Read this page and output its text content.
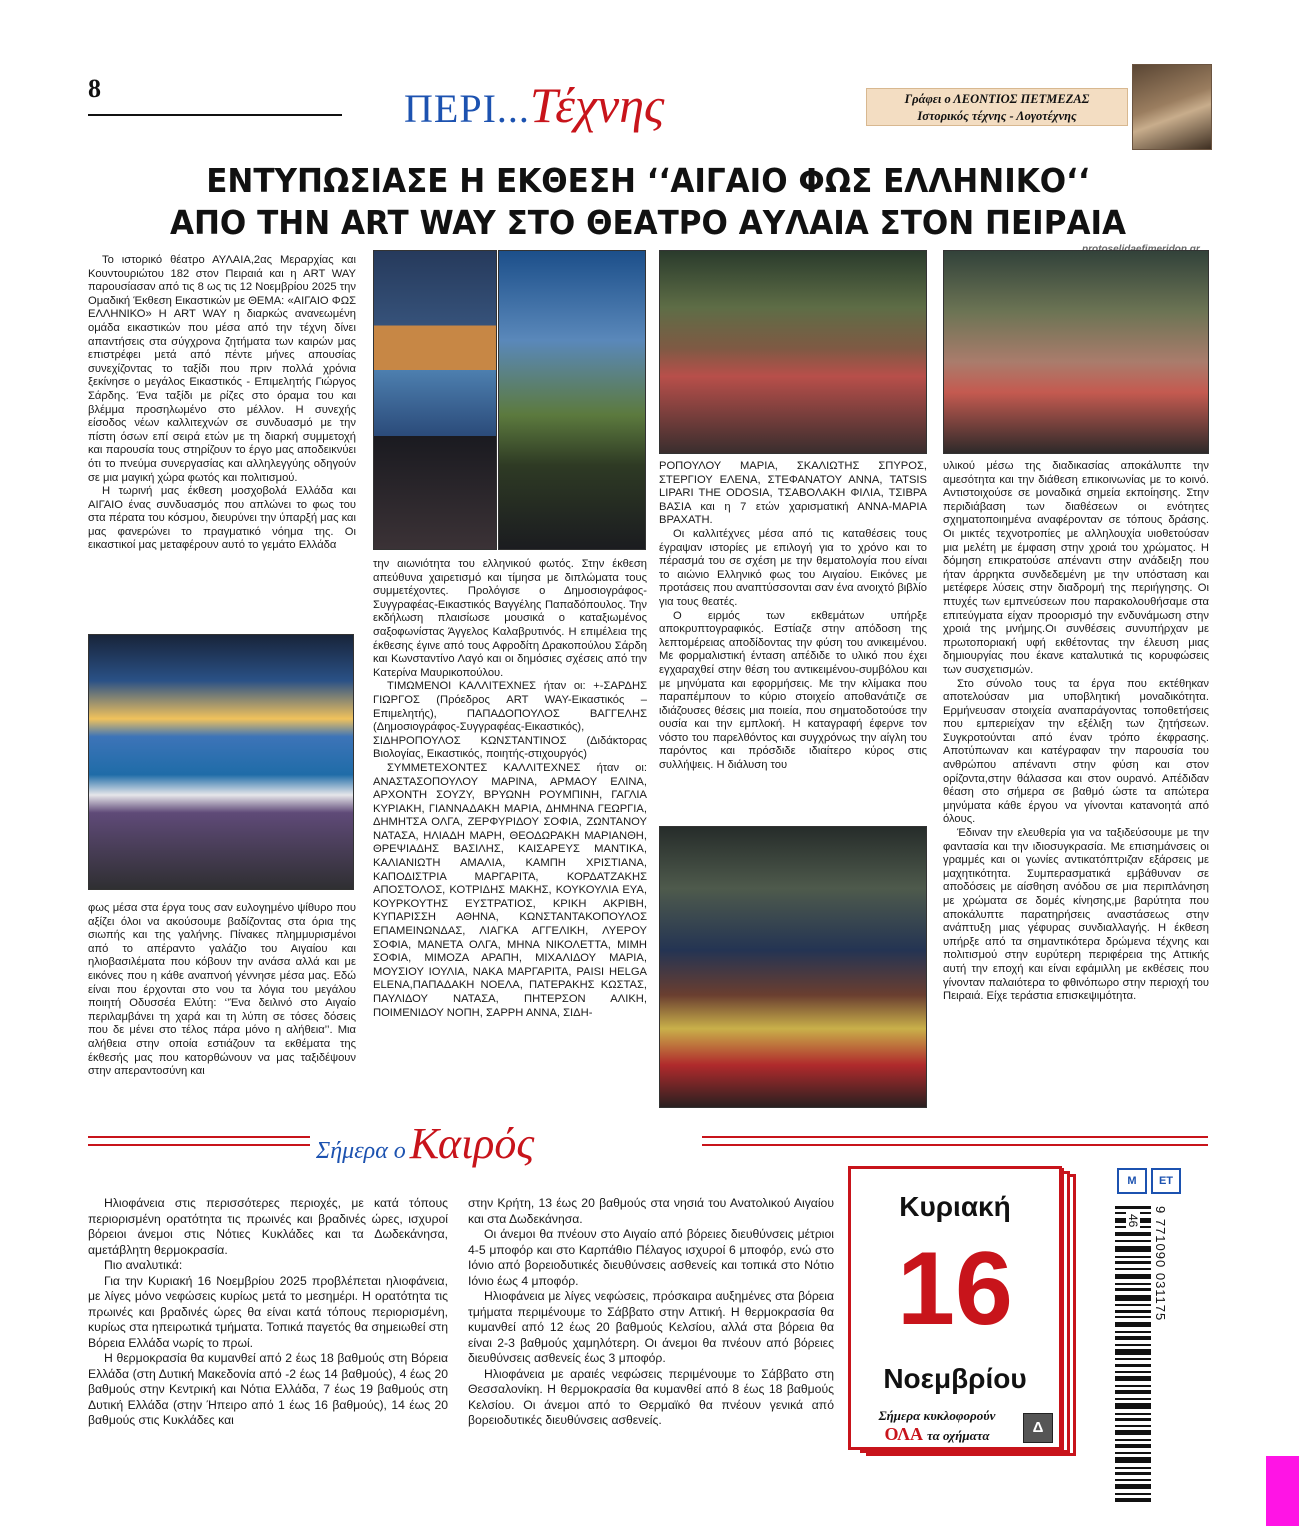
8	ΠΕΡΙ...Τέχνης	Γράφει ο ΛΕΟΝΤΙΟΣ ΠΕΤΜΕΖΑΣ
Ιστορικός τέχνης - Λογοτέχνης
ΕΝΤΥΠΩΣΙΑΣΕ Η ΕΚΘΕΣΗ ‘‘ΑΙΓΑΙΟ ΦΩΣ ΕΛΛΗΝΙΚΟ‘‘
ΑΠΟ ΤΗΝ ART WAY ΣΤΟ ΘΕΑΤΡΟ ΑΥΛΑΙΑ ΣΤΟΝ ΠΕΙΡΑΙΑ

Το ιστορικό θέατρο ΑΥΛΑΙΑ,2ας Μεραρχίας και Κουντουριώτου 182 στον Πειραιά και η ART WAY παρουσίασαν από τις 8 ως τις 12 Νοεμβρίου 2025 την Ομαδική Έκθεση Εικαστικών με ΘΕΜΑ: «ΑΙΓΑΙΟ ΦΩΣ ΕΛΛΗΝΙΚΟ» Η ART WAY η διαρκώς ανανεωμένη ομάδα εικαστικών που μέσα από την τέχνη δίνει απαντήσεις στα σύγχρονα ζητήματα των καιρών μας επιστρέφει μετά από πέντε μήνες απουσίας συνεχίζοντας το ταξίδι που πριν πολλά χρόνια ξεκίνησε ο μεγάλος Εικαστικός - Επιμελητής Γιώργος Σάρδης. Ένα ταξίδι με ρίζες στο όραμα του και βλέμμα προσηλωμένο στο μέλλον. Η συνεχής είσοδος νέων καλλιτεχνών σε συνδυασμό με την πίστη όσων επί σειρά ετών με τη διαρκή συμμετοχή και παρουσία τους στηρίζουν το έργο μας αποδεικνύει ότι το πνεύμα συνεργασίας και αλληλεγγύης οδηγούν σε μια μαγική χώρα φωτός και πολιτισμού.

Η τωρινή μας έκθεση μοσχοβολά Ελλάδα και ΑΙΓΑΙΟ ένας συνδυασμός που απλώνει το φως του στα πέρατα του κόσμου, διευρύνει την ύπαρξή μας και μας φανερώνει το πραγματικό νόημα της. Οι εικαστικοί μας μεταφέρουν αυτό το γεμάτο Ελλάδα

φως μέσα στα έργα τους σαν ευλογημένο ψίθυρο που αξίζει όλοι να ακούσουμε βαδίζοντας στα όρια της σιωπής και της γαλήνης. Πίνακες πλημμυρισμένοι από το απέραντο γαλάζιο του Αιγαίου και ηλιοβασιλέματα που κόβουν την ανάσα αλλά και με εικόνες που η κάθε αναπνοή γέννησε μέσα μας. Εδώ είναι που έρχονται στο νου τα λόγια του μεγάλου ποιητή Οδυσσέα Ελύτη: ‘’Ένα δειλινό στο Αιγαίο περιλαμβάνει τη χαρά και τη λύπη σε τόσες δόσεις που δε μένει στο τέλος πάρα μόνο η αλήθεια’’. Μια αλήθεια στην οποία εστιάζουν τα εκθέματα της έκθεσής μας που κατορθώνουν να μας ταξιδέψουν στην απεραντοσύνη και

την αιωνιότητα του ελληνικού φωτός. Στην έκθεση απεύθυνα χαιρετισμό και τίμησα με διπλώματα τους συμμετέχοντες. Προλόγισε ο Δημοσιογράφος-Συγγραφέας-Εικαστικός Βαγγέλης Παπαδόπουλος. Την εκδήλωση πλαισίωσε μουσικά ο καταξιωμένος σαξοφωνίστας Άγγελος Καλαβρυτινός. Η επιμέλεια της έκθεσης έγινε από τους Αφροδίτη Δρακοπούλου Σάρδη και Κωνσταντίνο Λαγό και οι δημόσιες σχέσεις από την Κατερίνα Μαυρικοπούλου.

ΤΙΜΩΜΕΝΟΙ ΚΑΛΛΙΤΕΧΝΕΣ ήταν οι: +-ΣΑΡΔΗΣ ΓΙΩΡΓΟΣ (Πρόεδρος ART WAY-Εικαστικός – Επιμελητής), ΠΑΠΑΔΟΠΟΥΛΟΣ ΒΑΓΓΕΛΗΣ (Δημοσιογράφος-Συγγραφέας-Εικαστικός), ΣΙΔΗΡΟΠΟΥΛΟΣ ΚΩΝΣΤΑΝΤΙΝΟΣ (Διδάκτορας Βιολογίας, Εικαστικός, ποιητής-στιχουργός)

ΣΥΜΜΕΤΕΧΟΝΤΕΣ ΚΑΛΛΙΤΕΧΝΕΣ ήταν οι: ΑΝΑΣΤΑΣΟΠΟΥΛΟΥ ΜΑΡΙΝΑ, ΑΡΜΑΟΥ ΕΛΙΝΑ, ΑΡΧΟΝΤΗ ΣΟΥΖΥ, ΒΡΥΩΝΗ ΡΟΥΜΠΙΝΗ, ΓΑΓΛΙΑ ΚΥΡΙΑΚΗ, ΓΙΑΝΝΑΔΑΚΗ ΜΑΡΙΑ, ΔΗΜΗΝΑ ΓΕΩΡΓΙΑ, ΔΗΜΗΤΣΑ ΟΛΓΑ, ΖΕΡΦΥΡΙΔΟΥ ΣΟΦΙΑ, ΖΩΝΤΑΝΟΥ ΝΑΤΑΣΑ, ΗΛΙΑΔΗ ΜΑΡΗ, ΘΕΟΔΩΡΑΚΗ ΜΑΡΙΑΝΘΗ, ΘΡΕΨΙΑΔΗΣ ΒΑΣΙΛΗΣ, ΚΑΙΣΑΡΕΥΣ ΜΑΝΤΙΚΑ, ΚΑΛΙΑΝΙΩΤΗ ΑΜΑΛΙΑ, ΚΑΜΠΗ ΧΡΙΣΤΙΑΝΑ, ΚΑΠΟΔΙΣΤΡΙΑ ΜΑΡΓΑΡΙΤΑ, ΚΟΡΔΑΤΖΑΚΗΣ ΑΠΟΣΤΟΛΟΣ, ΚΟΤΡΙΔΗΣ ΜΑΚΗΣ, ΚΟΥΚΟΥΛΙΑ ΕΥΑ, ΚΟΥΡΚΟΥΤΗΣ ΕΥΣΤΡΑΤΙΟΣ, ΚΡΙΚΗ ΑΚΡΙΒΗ, ΚΥΠΑΡΙΣΣΗ ΑΘΗΝΑ, ΚΩΝΣΤΑΝΤΑΚΟΠΟΥΛΟΣ ΕΠΑΜΕΙΝΩΝΔΑΣ, ΛΙΑΓΚΑ ΑΓΓΕΛΙΚΗ, ΛΥΕΡΟΥ ΣΟΦΙΑ, ΜΑΝΕΤΑ ΟΛΓΑ, ΜΗΝΑ ΝΙΚΟΛΕΤΤΑ, ΜΙΜΗ ΣΟΦΙΑ, ΜΙΜΟΖΑ ΑΡΑΠΗ, ΜΙΧΑΛΙΔΟΥ ΜΑΡΙΑ, ΜΟΥΣΙΟΥ ΙΟΥΛΙΑ, ΝΑΚΑ ΜΑΡΓΑΡΙΤΑ, PAISI HELGA ELENA,ΠΑΠΑΔΑΚΗ ΝΟΕΛΑ, ΠΑΤΕΡΑΚΗΣ ΚΩΣΤΑΣ, ΠΑΥΛΙΔΟΥ ΝΑΤΑΣΑ, ΠΗΤΕΡΣΟΝ ΑΛΙΚΗ, ΠΟΙΜΕΝΙΔΟΥ ΝΟΠΗ, ΣΑΡΡΗ ΑΝΝΑ, ΣΙΔΗ-

ΡΟΠΟΥΛΟΥ ΜΑΡΙΑ, ΣΚΑΛΙΩΤΗΣ ΣΠΥΡΟΣ, ΣΤΕΡΓΙΟΥ ΕΛΕΝΑ, ΣΤΕΦΑΝΑΤΟΥ ΑΝΝΑ, TATSIS LIPARI THE ODOSIA, ΤΣΑΒΟΛΑΚΗ ΦΙΛΙΑ, ΤΣΙΒΡΑ ΒΑΣΙΑ και η 7 ετών χαρισματική ΑΝΝΑ-ΜΑΡΙΑ ΒΡΑΧΑΤΗ.

Οι καλλιτέχνες μέσα από τις καταθέσεις τους έγραψαν ιστορίες με επιλογή για το χρόνο και το πέρασμά του σε σχέση με την θεματολογία που είναι το αιώνιο Ελληνικό φως του Αιγαίου. Εικόνες με προτάσεις που αναπτύσσονται σαν ένα ανοιχτό βιβλίο για τους θεατές.

Ο ειρμός των εκθεμάτων υπήρξε αποκρυπτογραφικός. Εστίαζε στην απόδοση της λεπτομέρειας αποδίδοντας την φύση του ανικειμένου. Με φορμαλιστική ένταση απέδιδε το υλικό που έχει εγχαραχθεί στην θέση του αντικειμένου-συμβόλου και με μηνύματα και εφορμήσεις. Με την κλίμακα που παραπέμπουν το κύριο στοιχείο αποθανάτιζε σε ιδιάζουσες θέσεις μια ποιεία, που σηματοδοτούσε την ουσία και την εμπλοκή. Η καταγραφή έφερνε τον νόστο του παρελθόντος και συγχρόνως την αίγλη του παρόντος και πρόσδιδε ιδιαίτερο κύρος στις συλλήψεις. Η διάλυση του

υλικού μέσω της διαδικασίας αποκάλυπτε την αμεσότητα και την διάθεση επικοινωνίας με το κοινό. Αντιστοιχούσε σε μοναδικά σημεία εκποίησης. Στην περιδιάβαση των διαθέσεων οι ενότητες σχηματοποιημένα αναφέρονταν σε τόπους δράσης. Οι μικτές τεχνοτροπίες με αλληλουχία υιοθετούσαν μια μελέτη με έμφαση στην χροιά του χρώματος. Η δόμηση επικρατούσε απέναντι στην ανάδειξη που ήταν άρρηκτα συνδεδεμένη με την υπόσταση και μετέφερε λύσεις στην διαδρομή της περιήγησης. Οι πτυχές των εμπνεύσεων που παρακολουθήσαμε στα επιτεύγματα είχαν προορισμό την ενδυνάμωση στην χροιά της μνήμης.Οι συνθέσεις συνυπήρχαν με πρωτοποριακή υφή εκθέτοντας την έλευση μιας δημιουργίας που έκανε καταλυτικά τις κορυφώσεις των συσχετισμών.

Στο σύνολο τους τα έργα που εκτέθηκαν αποτελούσαν μια υποβλητική μοναδικότητα. Ερμήνευσαν στοιχεία αναπαράγοντας τοποθετήσεις που εμπεριείχαν την εξέλιξη των ζητήσεων. Συγκροτούνται από έναν τρόπο έκφρασης. Αποτύπωναν και κατέγραφαν την παρουσία του ανθρώπου απέναντι στην φύση και στον ορίζοντα,στην θάλασσα και στον ουρανό. Απέδιδαν θέαση στο σήμερα σε βαθμό ώστε τα απώτερα μηνύματα κάθε έργου να γίνονται κατανοητά από όλους.

Έδιναν την ελευθερία για να ταξιδεύσουμε με την φαντασία και την ιδιοσυγκρασία. Με επισημάνσεις οι γραμμές και οι γωνίες αντικατόπτριζαν εξάρσεις με μαχητικότητα. Συμπερασματικά εμβάθυναν σε αποδόσεις με αίσθηση ανόδου σε μια περιπλάνηση με χρώματα σε δομές κίνησης,με βαρύτητα που αποκάλυπτε παρατηρήσεις αναστάσεως στην ανάπτυξη μιας γέφυρας συνδιαλλαγής. Η έκθεση υπήρξε από τα σημαντικότερα δρώμενα τέχνης και πολιτισμού στην ευρύτερη περιφέρεια της Αττικής αυτή την εποχή και είναι εφάμιλλη με εκθέσεις που γίνονταν παλαιότερα το φθινόπωρο στην περιοχή του Πειραιά. Είχε τεράστια επισκεψιμότητα.

Σήμερα ο Καιρός

Ηλιοφάνεια στις περισσότερες περιοχές, με κατά τόπους περιορισμένη ορατότητα τις πρωινές και βραδινές ώρες, ισχυροί βόρειοι άνεμοι στις Νότιες Κυκλάδες και τα Δωδεκάνησα, αμετάβλητη θερμοκρασία.

Πιο αναλυτικά:

Για την Κυριακή 16 Νοεμβρίου 2025 προβλέπεται ηλιοφάνεια, με λίγες μόνο νεφώσεις κυρίως μετά το μεσημέρι. Η ορατότητα τις πρωινές και βραδινές ώρες θα είναι κατά τόπους περιορισμένη, κυρίως στα ηπειρωτικά τμήματα. Τοπικά παγετός θα σημειωθεί στη Βόρεια Ελλάδα νωρίς το πρωί.

Η θερμοκρασία θα κυμανθεί από 2 έως 18 βαθμούς στη Βόρεια Ελλάδα (στη Δυτική Μακεδονία από -2 έως 14 βαθμούς), 4 έως 20 βαθμούς στην Κεντρική και Νότια Ελλάδα, 7 έως 19 βαθμούς στη Δυτική Ελλάδα (στην Ήπειρο από 1 έως 16 βαθμούς), 14 έως 20 βαθμούς στις Κυκλάδες και

στην Κρήτη, 13 έως 20 βαθμούς στα νησιά του Ανατολικού Αιγαίου και στα Δωδεκάνησα.

Οι άνεμοι θα πνέουν στο Αιγαίο από βόρειες διευθύνσεις μέτριοι 4-5 μποφόρ και στο Καρπάθιο Πέλαγος ισχυροί 6 μποφόρ, ενώ στο Ιόνιο από βορειοδυτικές διευθύνσεις ασθενείς και τοπικά στο Νότιο Ιόνιο έως 4 μποφόρ.

Ηλιοφάνεια με λίγες νεφώσεις, πρόσκαιρα αυξημένες στα βόρεια τμήματα περιμένουμε το Σάββατο στην Αττική. Η θερμοκρασία θα κυμανθεί από 12 έως 20 βαθμούς Κελσίου, αλλά στα βόρεια θα είναι 2-3 βαθμούς χαμηλότερη. Οι άνεμοι θα πνέουν από βόρειες διευθύνσεις ασθενείς έως 3 μποφόρ.

Ηλιοφάνεια με αραιές νεφώσεις περιμένουμε το Σάββατο στη Θεσσαλονίκη. Η θερμοκρασία θα κυμανθεί από 8 έως 18 βαθμούς Κελσίου. Οι άνεμοι από το Θερμαϊκό θα πνέουν γενικά από βορειοδυτικές διευθύνσεις ασθενείς.

Κυριακή
16
Νοεμβρίου
Σήμερα κυκλοφορούν
ΟΛΑ τα οχήματα	Δ
Μ	ΕΤ
9 771090 031175
46
